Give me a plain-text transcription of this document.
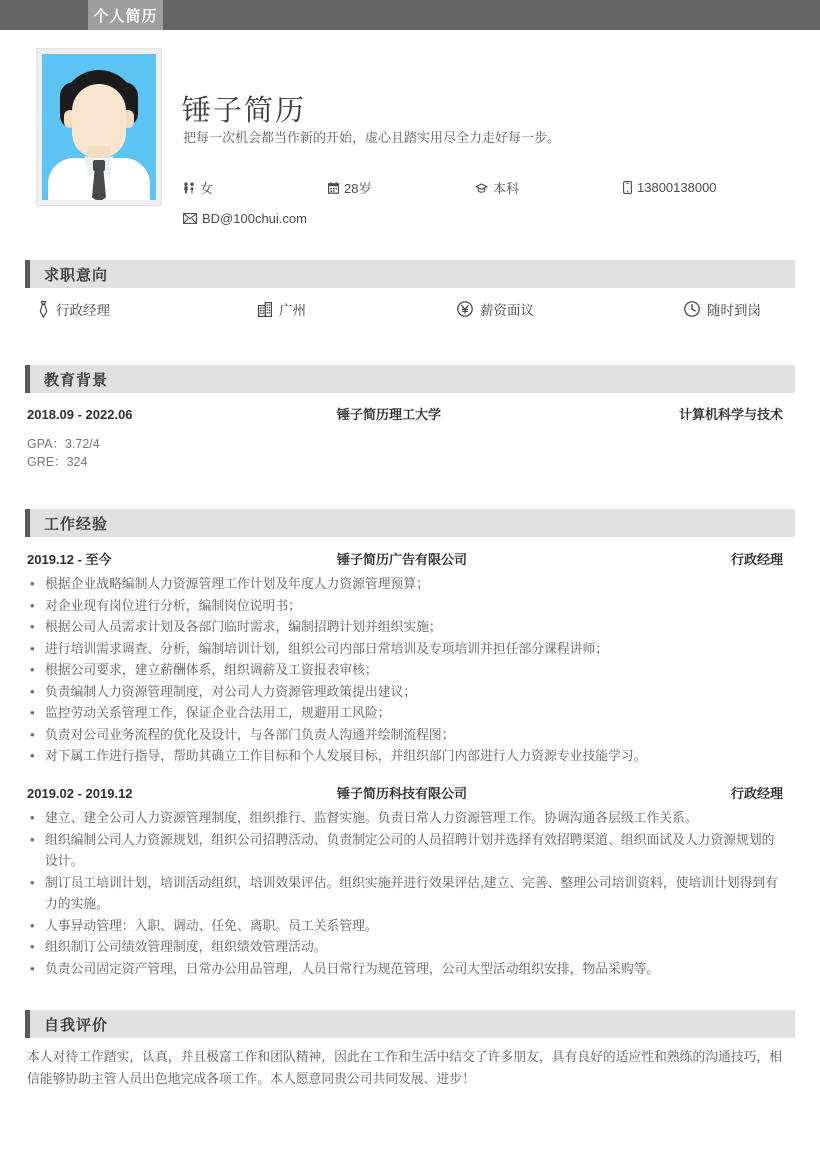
个人简历
锤子简历
把每一次机会都当作新的开始，虚心且踏实用尽全力走好每一步。
女	28岁	本科	13800138000
BD@100chui.com
求职意向
行政经理	广州	薪资面议	随时到岗
教育背景
2018.09 - 2022.06	锤子简历理工大学	计算机科学与技术
GPA：3.72/4
GRE：324
工作经验
2019.12 - 至今	锤子简历广告有限公司	行政经理
• 根据企业战略编制人力资源管理工作计划及年度人力资源管理预算；
• 对企业现有岗位进行分析，编制岗位说明书；
• 根据公司人员需求计划及各部门临时需求，编制招聘计划并组织实施；
• 进行培训需求调查、分析，编制培训计划，组织公司内部日常培训及专项培训并担任部分课程讲师；
• 根据公司要求，建立薪酬体系，组织调薪及工资报表审核；
• 负责编制人力资源管理制度，对公司人力资源管理政策提出建议；
• 监控劳动关系管理工作，保证企业合法用工，规避用工风险；
• 负责对公司业务流程的优化及设计，与各部门负责人沟通并绘制流程图；
• 对下属工作进行指导，帮助其确立工作目标和个人发展目标，并组织部门内部进行人力资源专业技能学习。
2019.02 - 2019.12	锤子简历科技有限公司	行政经理
• 建立、建全公司人力资源管理制度，组织推行、监督实施。负责日常人力资源管理工作。协调沟通各层级工作关系。
• 组织编制公司人力资源规划，组织公司招聘活动、负责制定公司的人员招聘计划并选择有效招聘渠道、组织面试及人力资源规划的设计。
• 制订员工培训计划，培训活动组织，培训效果评估。组织实施并进行效果评估,建立、完善、整理公司培训资料，使培训计划得到有力的实施。
• 人事异动管理：入职、调动、任免、离职。员工关系管理。
• 组织制订公司绩效管理制度，组织绩效管理活动。
• 负责公司固定资产管理，日常办公用品管理，人员日常行为规范管理，公司大型活动组织安排，物品采购等。
自我评价
本人对待工作踏实，认真，并且极富工作和团队精神，因此在工作和生活中结交了许多朋友，具有良好的适应性和熟练的沟通技巧，相信能够协助主管人员出色地完成各项工作。本人愿意同贵公司共同发展、进步！
